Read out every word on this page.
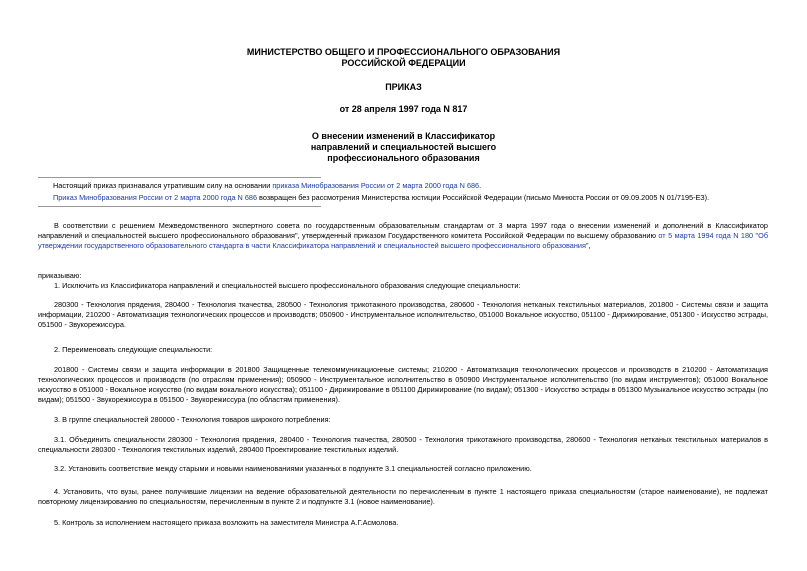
МИНИСТЕРСТВО ОБЩЕГО И ПРОФЕССИОНАЛЬНОГО ОБРАЗОВАНИЯ
РОССИЙСКОЙ ФЕДЕРАЦИИ
ПРИКАЗ
от 28 апреля 1997 года N 817
О внесении изменений в Классификатор
направлений и специальностей высшего
профессионального образования
Настоящий приказ признавался утратившим силу на основании приказа Минобразования России от 2 марта 2000 года N 686.
Приказ Минобразования России от 2 марта 2000 года N 686 возвращен без рассмотрения Министерства юстиции Российской Федерации (письмо Минюста России от 09.09.2005 N 01/7195-ЕЗ).
В соответствии с решением Межведомственного экспертного совета по государственным образовательным стандартам от 3 марта 1997 года о внесении изменений и дополнений в Классификатор направлений и специальностей высшего профессионального образования", утвержденный приказом Государственного комитета Российской Федерации по высшему образованию от 5 марта 1994 года N 180 "Об утверждении государственного образовательного стандарта в части Классификатора направлений и специальностей высшего профессионального образования",
приказываю:
1. Исключить из Классификатора направлений и специальностей высшего профессионального образования следующие специальности:
280300 - Технология прядения, 280400 - Технология ткачества, 280500 - Технология трикотажного производства, 280600 - Технология нетканых текстильных материалов, 201800 - Системы связи и защита информации, 210200 - Автоматизация технологических процессов и производств; 050900 - Инструментальное исполнительство, 051000 Вокальное искусство, 051100 - Дирижирование, 051300 - Искусство эстрады, 051500 - Звукорежиссура.
2. Переименовать следующие специальности:
201800 - Системы связи и защита информации в 201800 Защищенные телекоммуникационные системы; 210200 - Автоматизация технологических процессов и производств в 210200 - Автоматизация технологических процессов и производств (по отраслям применения); 050900 - Инструментальное исполнительство в 050900 Инструментальное исполнительство (по видам инструментов); 051000 Вокальное искусство в 051000 - Вокальное искусство (по видам вокального искусства); 051100 - Дирижирование в 051100 Дирижирование (по видам); 051300 - Искусство эстрады в 051300 Музыкальное искусство эстрады (по видам); 051500 - Звукорежиссура в 051500 - Звукорежиссура (по областям применения).
3. В группе специальностей 280000 - Технология товаров широкого потребления:
3.1. Объединить специальности 280300 - Технология прядения, 280400 - Технология ткачества, 280500 - Технология трикотажного производства, 280600 - Технология нетканых текстильных материалов в специальности 280300 - Технология текстильных изделий, 280400 Проектирование текстильных изделий.
3.2. Установить соответствие между старыми и новыми наименованиями указанных в подпункте 3.1 специальностей согласно приложению.
4. Установить, что вузы, ранее получившие лицензии на ведение образовательной деятельности по перечисленным в пункте 1 настоящего приказа специальностям (старое наименование), не подлежат повторному лицензированию по специальностям, перечисленным в пункте 2 и подпункте 3.1 (новое наименование).
5. Контроль за исполнением настоящего приказа возложить на заместителя Министра А.Г.Асмолова.
